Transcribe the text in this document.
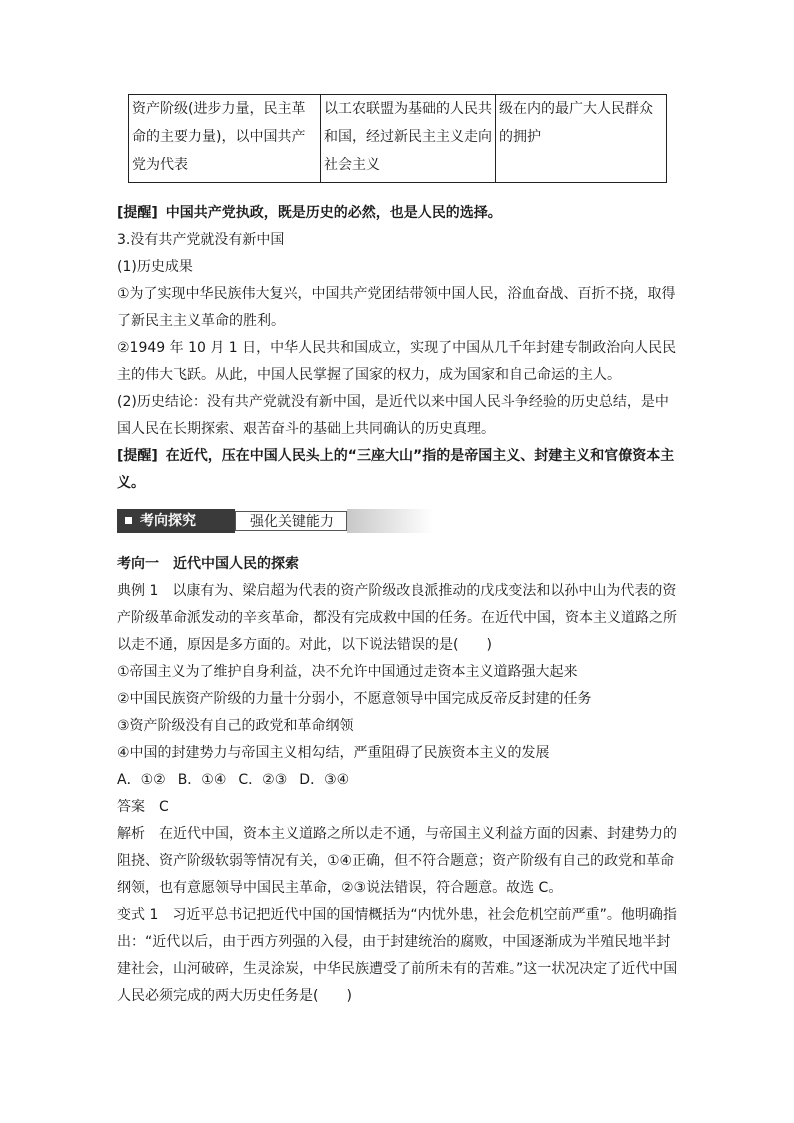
资产阶级(进步力量，民主革命的主要力量)，以中国共产党为代表	以工农联盟为基础的人民共和国，经过新民主主义走向社会主义	级在内的最广大人民群众的拥护

[提醒] 中国共产党执政，既是历史的必然，也是人民的选择。

3.没有共产党就没有新中国

(1)历史成果

①为了实现中华民族伟大复兴，中国共产党团结带领中国人民，浴血奋战、百折不挠，取得了新民主主义革命的胜利。

②1949 年 10 月 1 日，中华人民共和国成立，实现了中国从几千年封建专制政治向人民民主的伟大飞跃。从此，中国人民掌握了国家的权力，成为国家和自己命运的主人。

(2)历史结论：没有共产党就没有新中国，是近代以来中国人民斗争经验的历史总结，是中国人民在长期探索、艰苦奋斗的基础上共同确认的历史真理。

[提醒] 在近代，压在中国人民头上的“三座大山”指的是帝国主义、封建主义和官僚资本主义。

考向探究	强化关键能力

考向一　近代中国人民的探索

典例 1　以康有为、梁启超为代表的资产阶级改良派推动的戊戌变法和以孙中山为代表的资产阶级革命派发动的辛亥革命，都没有完成救中国的任务。在近代中国，资本主义道路之所以走不通，原因是多方面的。对此，以下说法错误的是(　　)

①帝国主义为了维护自身利益，决不允许中国通过走资本主义道路强大起来

②中国民族资产阶级的力量十分弱小，不愿意领导中国完成反帝反封建的任务

③资产阶级没有自己的政党和革命纲领

④中国的封建势力与帝国主义相勾结，严重阻碍了民族资本主义的发展

A．①② B．①④ C．②③ D．③④

答案　C

解析　在近代中国，资本主义道路之所以走不通，与帝国主义利益方面的因素、封建势力的阻挠、资产阶级软弱等情况有关，①④正确，但不符合题意；资产阶级有自己的政党和革命纲领，也有意愿领导中国民主革命，②③说法错误，符合题意。故选 C。

变式 1　习近平总书记把近代中国的国情概括为“内忧外患，社会危机空前严重”。他明确指出：“近代以后，由于西方列强的入侵，由于封建统治的腐败，中国逐渐成为半殖民地半封建社会，山河破碎，生灵涂炭，中华民族遭受了前所未有的苦难。”这一状况决定了近代中国人民必须完成的两大历史任务是(　　)
